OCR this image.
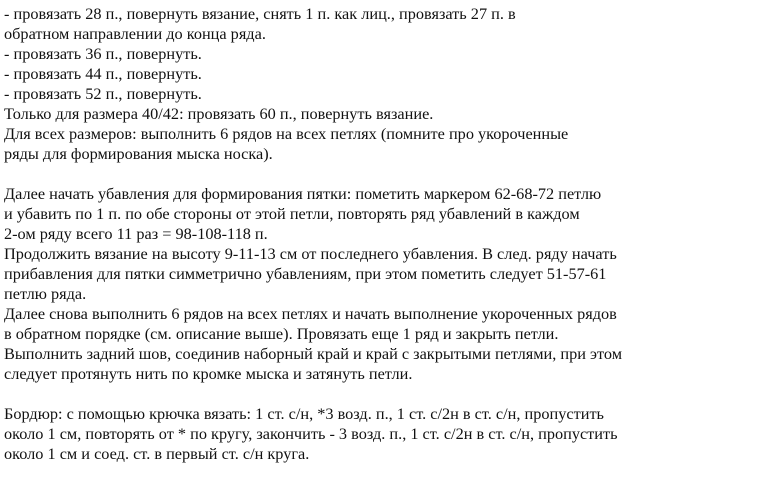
- провязать 28 п., повернуть вязание, снять 1 п. как лиц., провязать 27 п. в
обратном направлении до конца ряда.
- провязать 36 п., повернуть.
- провязать 44 п., повернуть.
- провязать 52 п., повернуть.
Только для размера 40/42: провязать 60 п., повернуть вязание.
Для всех размеров: выполнить 6 рядов на всех петлях (помните про укороченные
ряды для формирования мыска носка).
Далее начать убавления для формирования пятки: пометить маркером 62-68-72 петлю
и убавить по 1 п. по обе стороны от этой петли, повторять ряд убавлений в каждом
2-ом ряду всего 11 раз = 98-108-118 п.
Продолжить вязание на высоту 9-11-13 см от последнего убавления. В след. ряду начать
прибавления для пятки симметрично убавлениям, при этом пометить следует 51-57-61
петлю ряда.
Далее снова выполнить 6 рядов на всех петлях и начать выполнение укороченных рядов
в обратном порядке (см. описание выше). Провязать еще 1 ряд и закрыть петли.
Выполнить задний шов, соединив наборный край и край с закрытыми петлями, при этом
следует протянуть нить по кромке мыска и затянуть петли.
Бордюр: с помощью крючка вязать: 1 ст. с/н, *3 возд. п., 1 ст. с/2н в ст. с/н, пропустить
около 1 см, повторять от * по кругу, закончить - 3 возд. п., 1 ст. с/2н в ст. с/н, пропустить
около 1 см и соед. ст. в первый ст. с/н круга.
